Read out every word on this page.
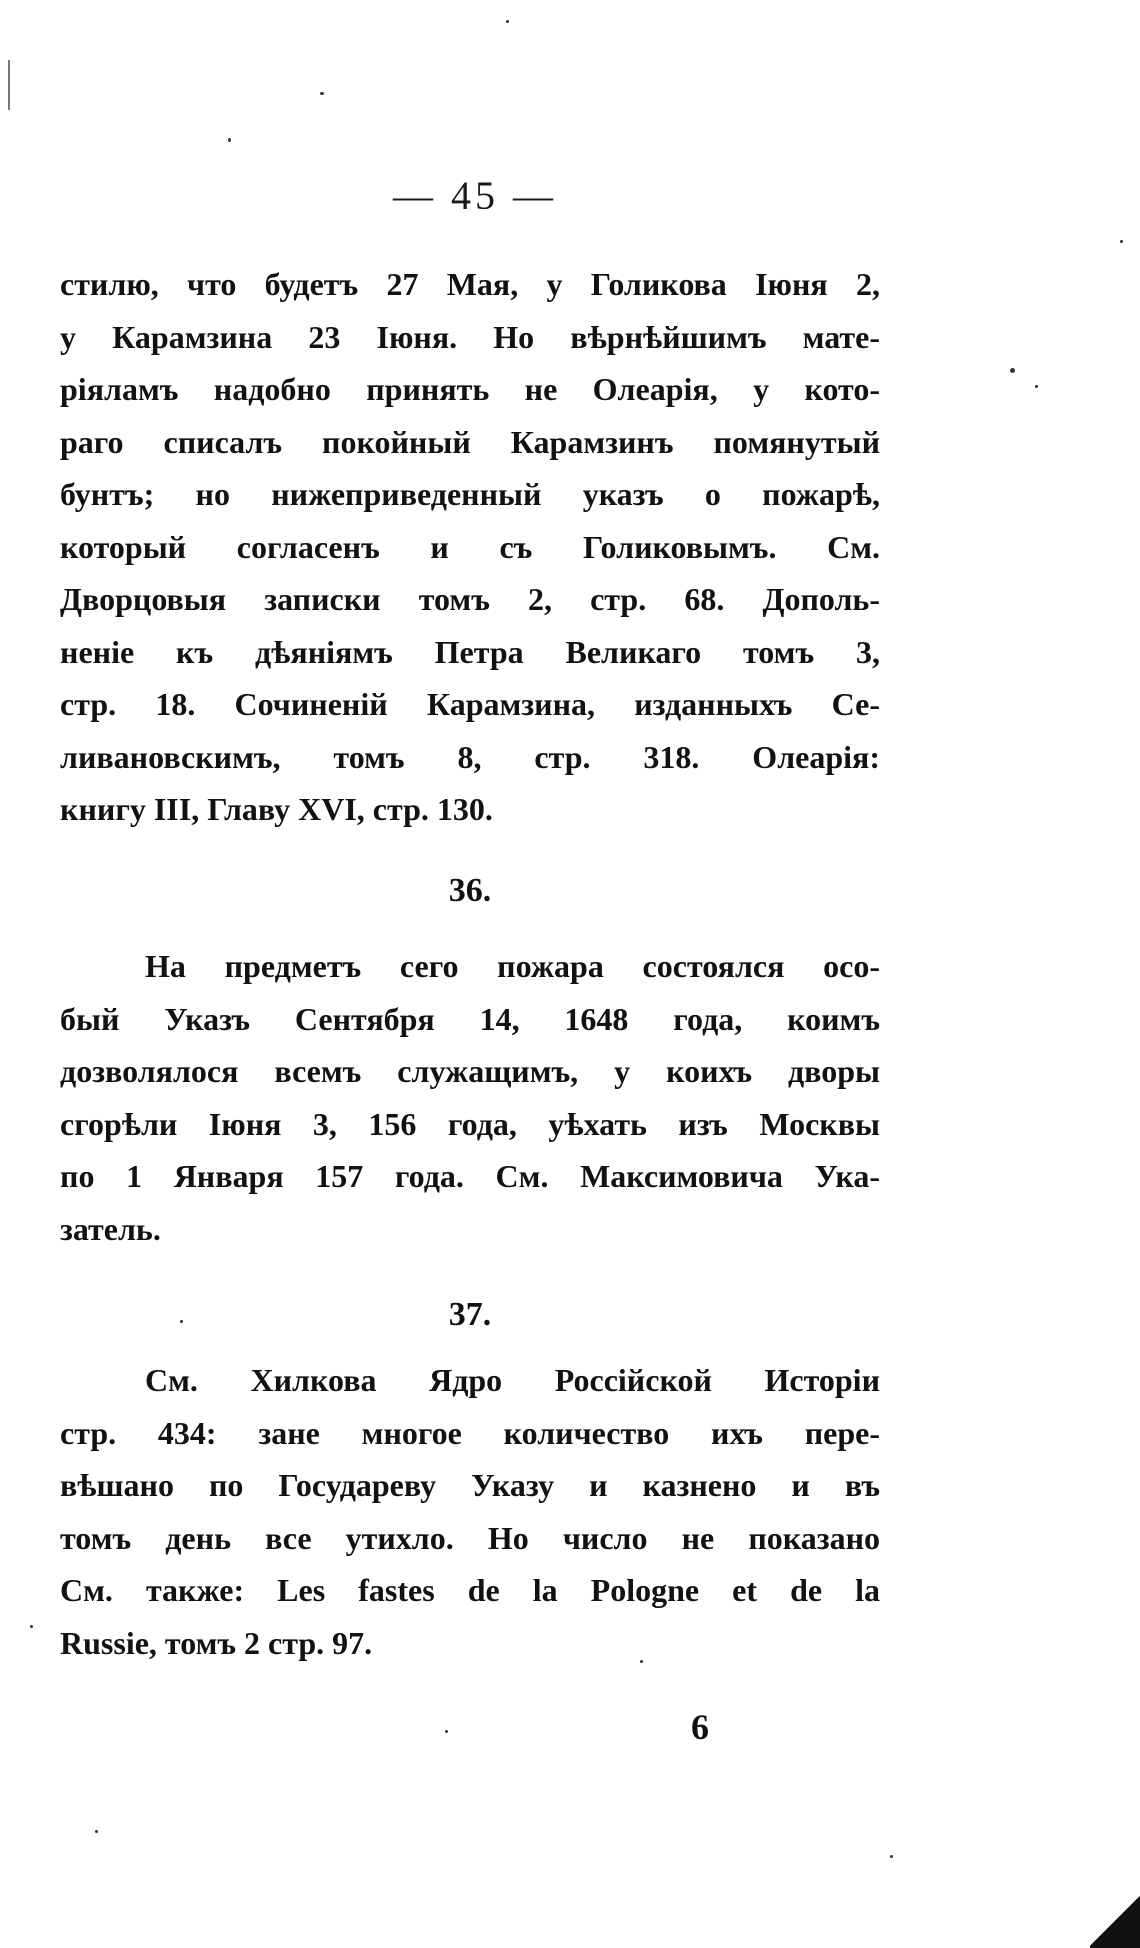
— 45 —
стилю, что будетъ 27 Мая, у Голикова Іюня 2,
у Карамзина 23 Іюня. Но вѣрнѣйшимъ мате-
ріяламъ надобно принять не Олеарія, у кото-
раго списалъ покойный Карамзинъ помянутый
бунтъ; но нижеприведенный указъ о пожарѣ,
который согласенъ и съ Голиковымъ. См.
Дворцовыя записки томъ 2, стр. 68. Дополь-
неніе къ дѣяніямъ Петра Великаго томъ 3,
стр. 18. Сочиненій Карамзина, изданныхъ Се-
ливановскимъ, томъ 8, стр. 318. Олеарія:
книгу III, Главу XVI, стр. 130.
36.
На предметъ сего пожара состоялся осо-
бый Указъ Сентября 14, 1648 года, коимъ
дозволялося всемъ служащимъ, у коихъ дворы
сгорѣли Іюня 3, 156 года, уѣхать изъ Москвы
по 1 Января 157 года. См. Максимовича Ука-
затель.
37.
См. Хилкова Ядро Россійской Исторіи
стр. 434: зане многое количество ихъ пере-
вѣшано по Государеву Указу и казнено и въ
томъ день все утихло. Но число не показано
См. также: Les fastes de la Pologne et de la
Russie, томъ 2 стр. 97.
6
